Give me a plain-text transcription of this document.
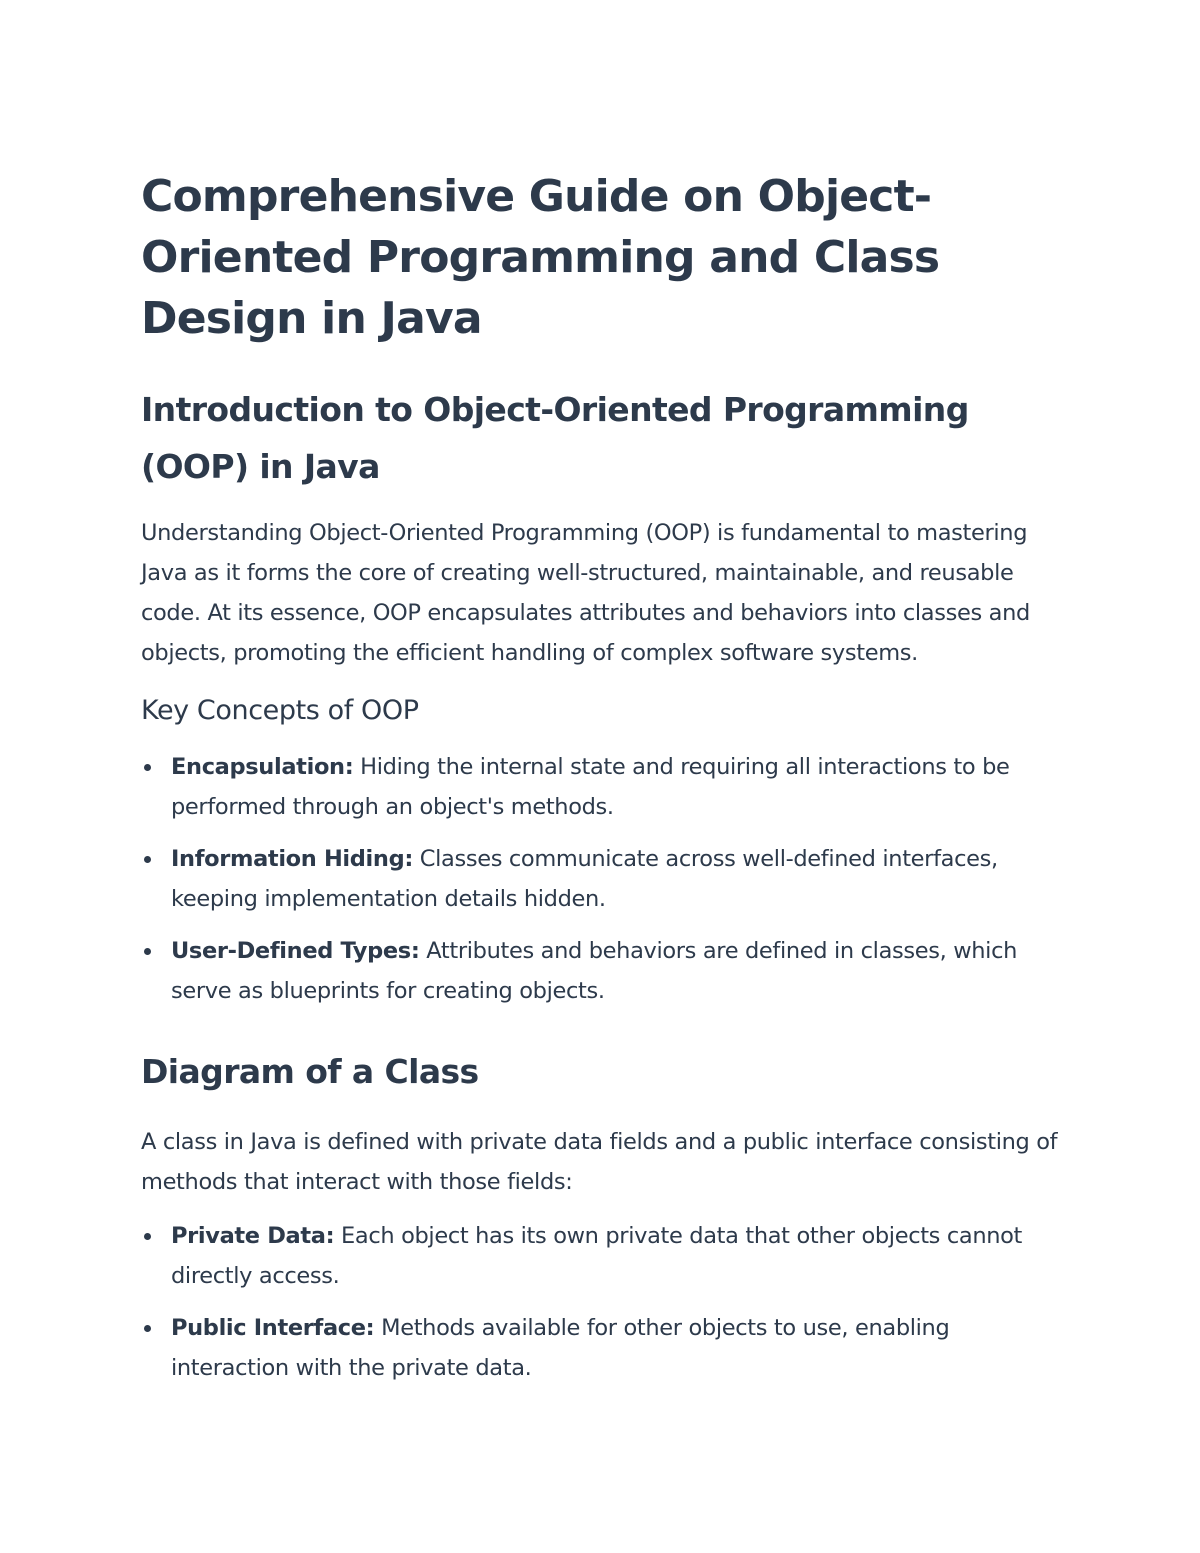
Comprehensive Guide on Object-Oriented Programming and Class Design in Java
Introduction to Object-Oriented Programming (OOP) in Java

Understanding Object-Oriented Programming (OOP) is fundamental to mastering Java as it forms the core of creating well-structured, maintainable, and reusable code. At its essence, OOP encapsulates attributes and behaviors into classes and objects, promoting the efficient handling of complex software systems.

Key Concepts of OOP
Encapsulation: Hiding the internal state and requiring all interactions to be performed through an object's methods.
Information Hiding: Classes communicate across well-defined interfaces, keeping implementation details hidden.
User-Defined Types: Attributes and behaviors are defined in classes, which serve as blueprints for creating objects.
Diagram of a Class

A class in Java is defined with private data fields and a public interface consisting of methods that interact with those fields:

Private Data: Each object has its own private data that other objects cannot directly access.
Public Interface: Methods available for other objects to use, enabling interaction with the private data.
